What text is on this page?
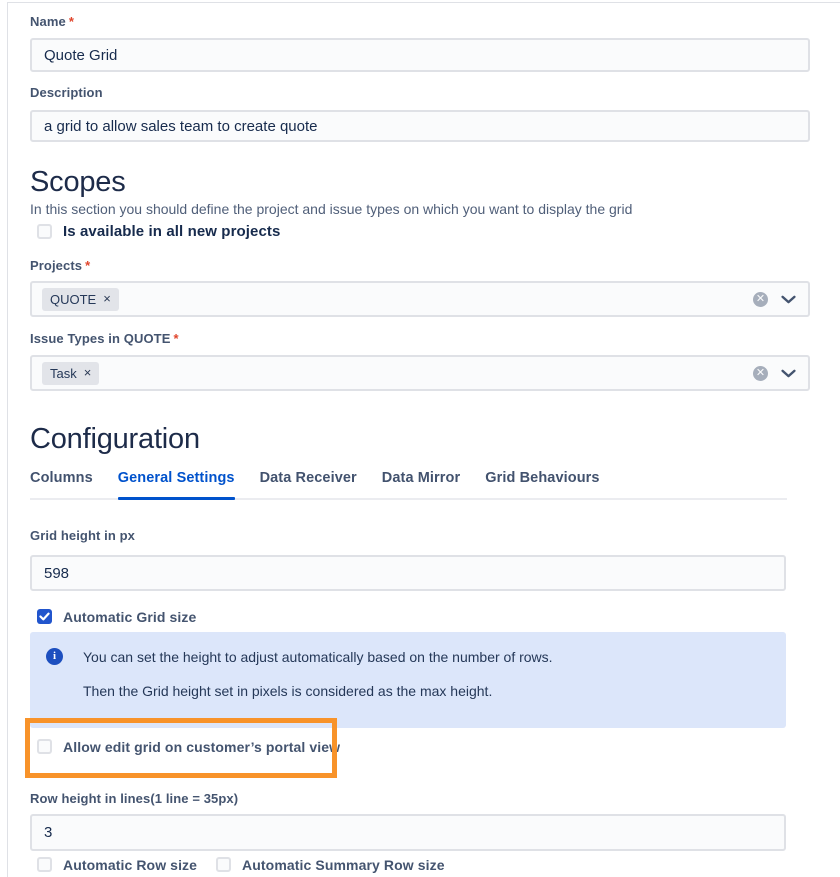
Name *
Quote Grid
Description
a grid to allow sales team to create quote
Scopes
In this section you should define the project and issue types on which you want to display the grid
Is available in all new projects
Projects *
QUOTE ×	✕
Issue Types in QUOTE *
Task ×	✕
Configuration
Columns General Settings Data Receiver Data Mirror Grid Behaviours
Grid height in px
598
Automatic Grid size
i	You can set the height to adjust automatically based on the number of rows.

Then the Grid height set in pixels is considered as the max height.

Allow edit grid on customer’s portal view
Row height in lines(1 line = 35px)
3
Automatic Row size	Automatic Summary Row size
